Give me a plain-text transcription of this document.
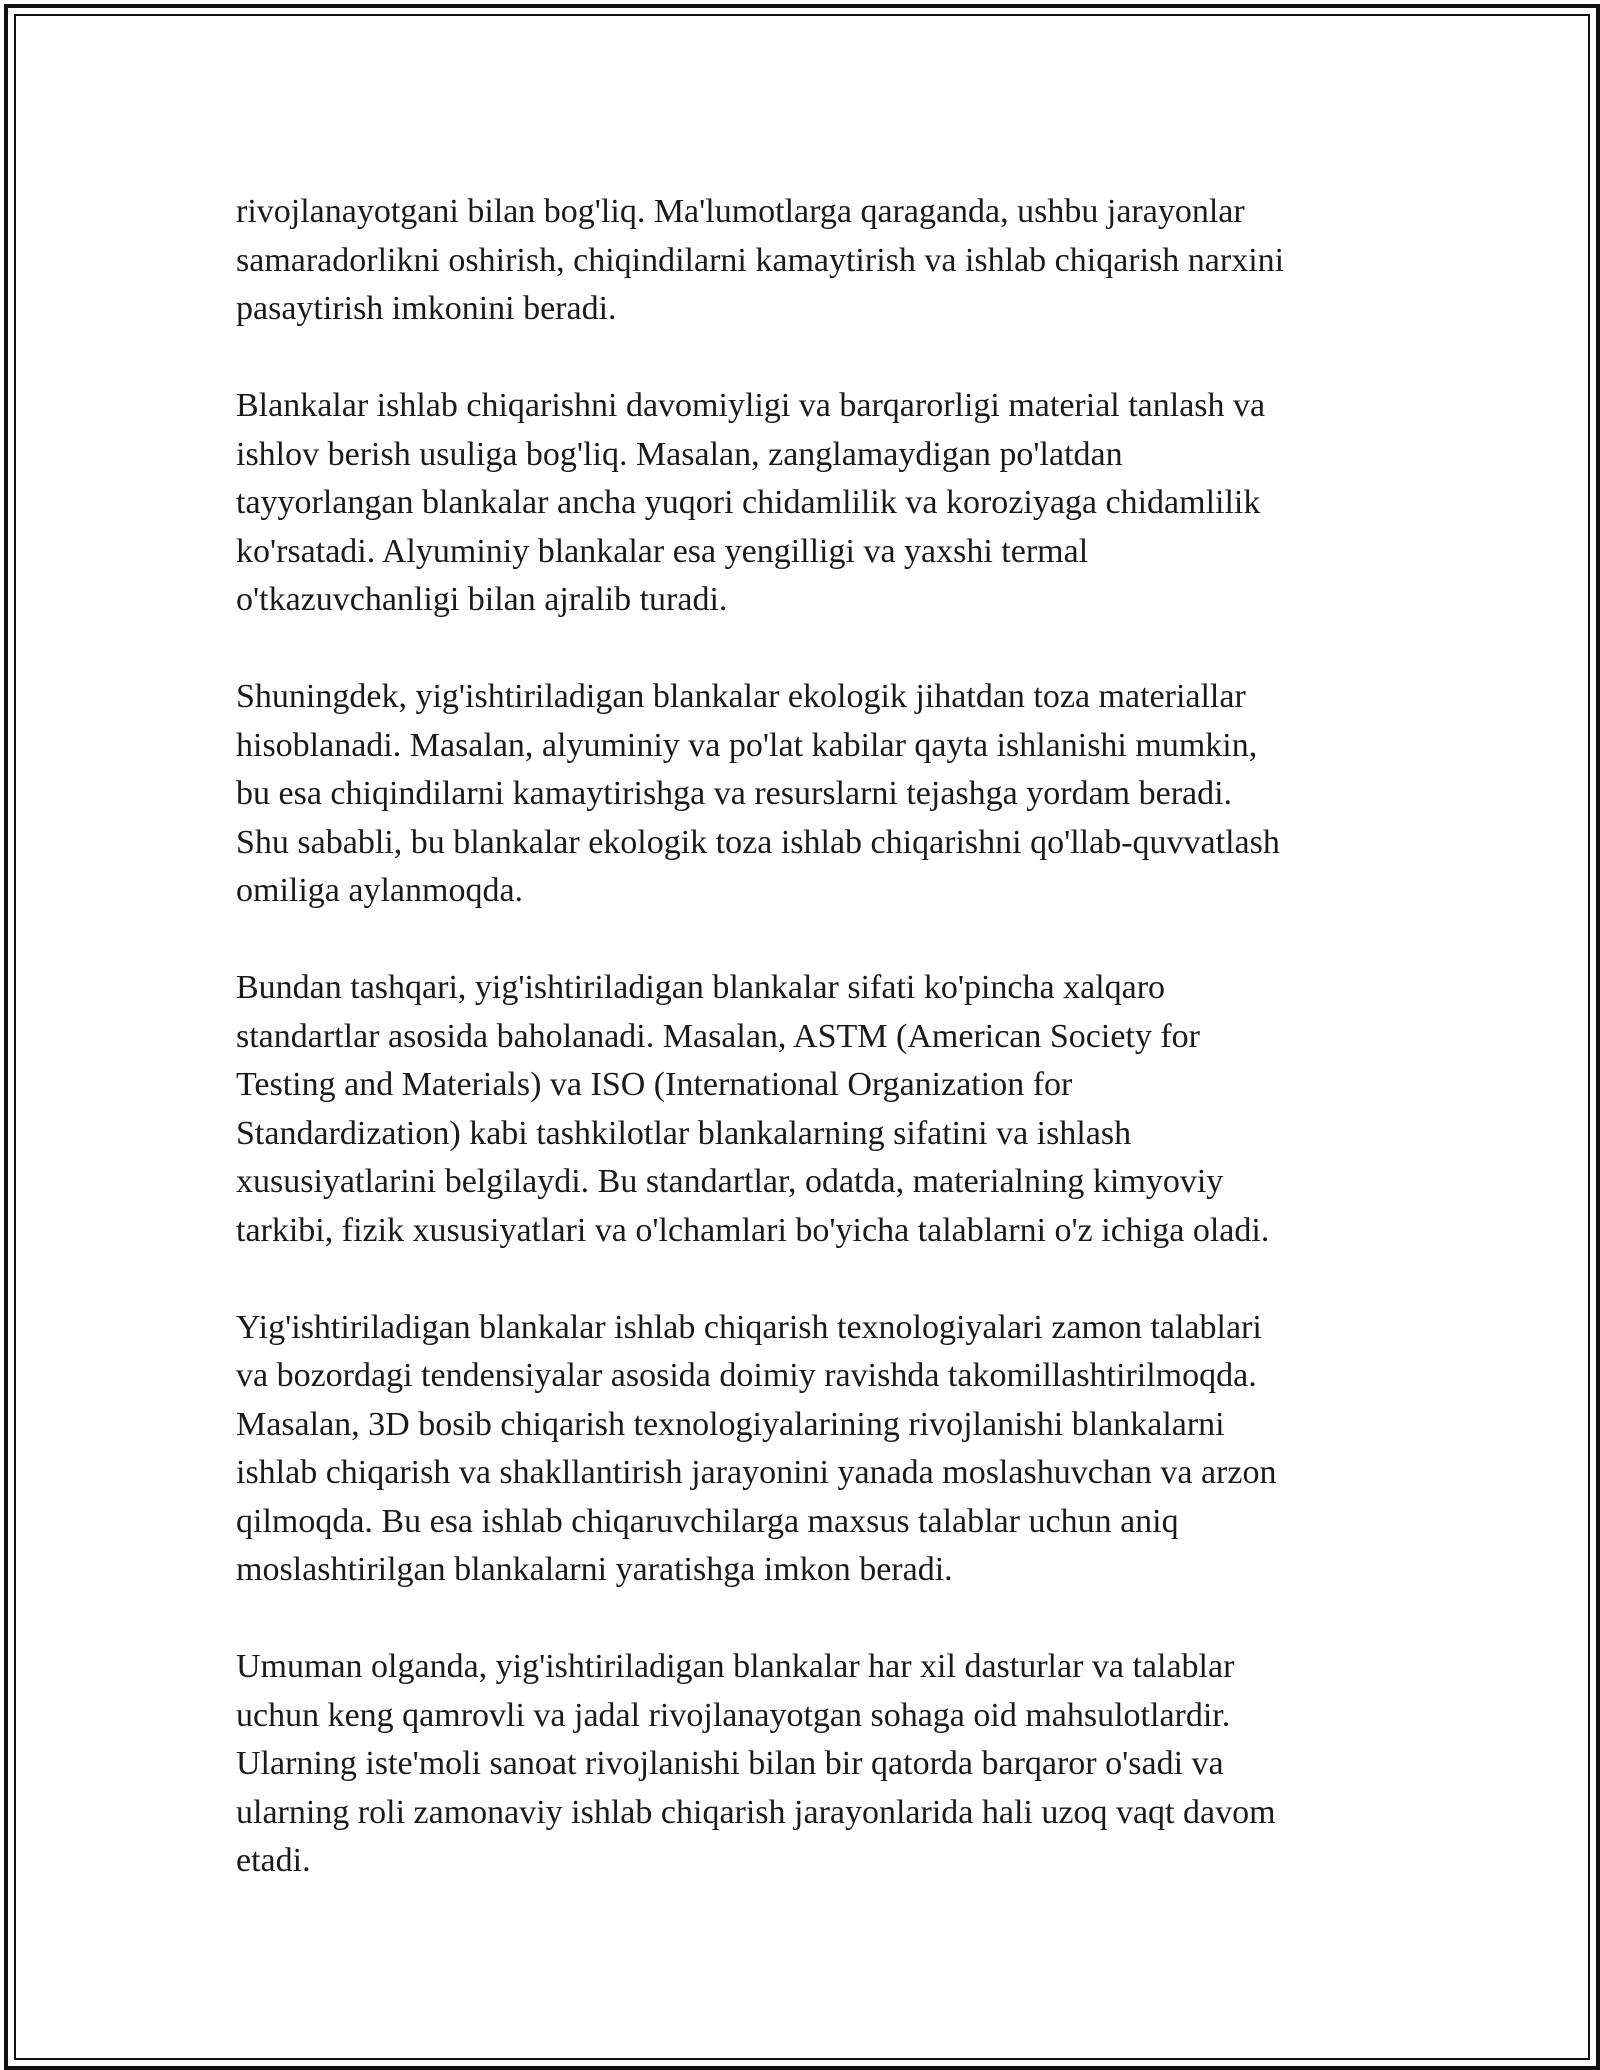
rivojlanayotgani bilan bog'liq. Ma'lumotlarga qaraganda, ushbu jarayonlar
samaradorlikni oshirish, chiqindilarni kamaytirish va ishlab chiqarish narxini
pasaytirish imkonini beradi.

Blankalar ishlab chiqarishni davomiyligi va barqarorligi material tanlash va
ishlov berish usuliga bog'liq. Masalan, zanglamaydigan po'latdan
tayyorlangan blankalar ancha yuqori chidamlilik va koroziyaga chidamlilik
ko'rsatadi. Alyuminiy blankalar esa yengilligi va yaxshi termal
o'tkazuvchanligi bilan ajralib turadi.

Shuningdek, yig'ishtiriladigan blankalar ekologik jihatdan toza materiallar
hisoblanadi. Masalan, alyuminiy va po'lat kabilar qayta ishlanishi mumkin,
bu esa chiqindilarni kamaytirishga va resurslarni tejashga yordam beradi.
Shu sababli, bu blankalar ekologik toza ishlab chiqarishni qo'llab-quvvatlash
omiliga aylanmoqda.

Bundan tashqari, yig'ishtiriladigan blankalar sifati ko'pincha xalqaro
standartlar asosida baholanadi. Masalan, ASTM (American Society for
Testing and Materials) va ISO (International Organization for
Standardization) kabi tashkilotlar blankalarning sifatini va ishlash
xususiyatlarini belgilaydi. Bu standartlar, odatda, materialning kimyoviy
tarkibi, fizik xususiyatlari va o'lchamlari bo'yicha talablarni o'z ichiga oladi.

Yig'ishtiriladigan blankalar ishlab chiqarish texnologiyalari zamon talablari
va bozordagi tendensiyalar asosida doimiy ravishda takomillashtirilmoqda.
Masalan, 3D bosib chiqarish texnologiyalarining rivojlanishi blankalarni
ishlab chiqarish va shakllantirish jarayonini yanada moslashuvchan va arzon
qilmoqda. Bu esa ishlab chiqaruvchilarga maxsus talablar uchun aniq
moslashtirilgan blankalarni yaratishga imkon beradi.

Umuman olganda, yig'ishtiriladigan blankalar har xil dasturlar va talablar
uchun keng qamrovli va jadal rivojlanayotgan sohaga oid mahsulotlardir.
Ularning iste'moli sanoat rivojlanishi bilan bir qatorda barqaror o'sadi va
ularning roli zamonaviy ishlab chiqarish jarayonlarida hali uzoq vaqt davom
etadi.
